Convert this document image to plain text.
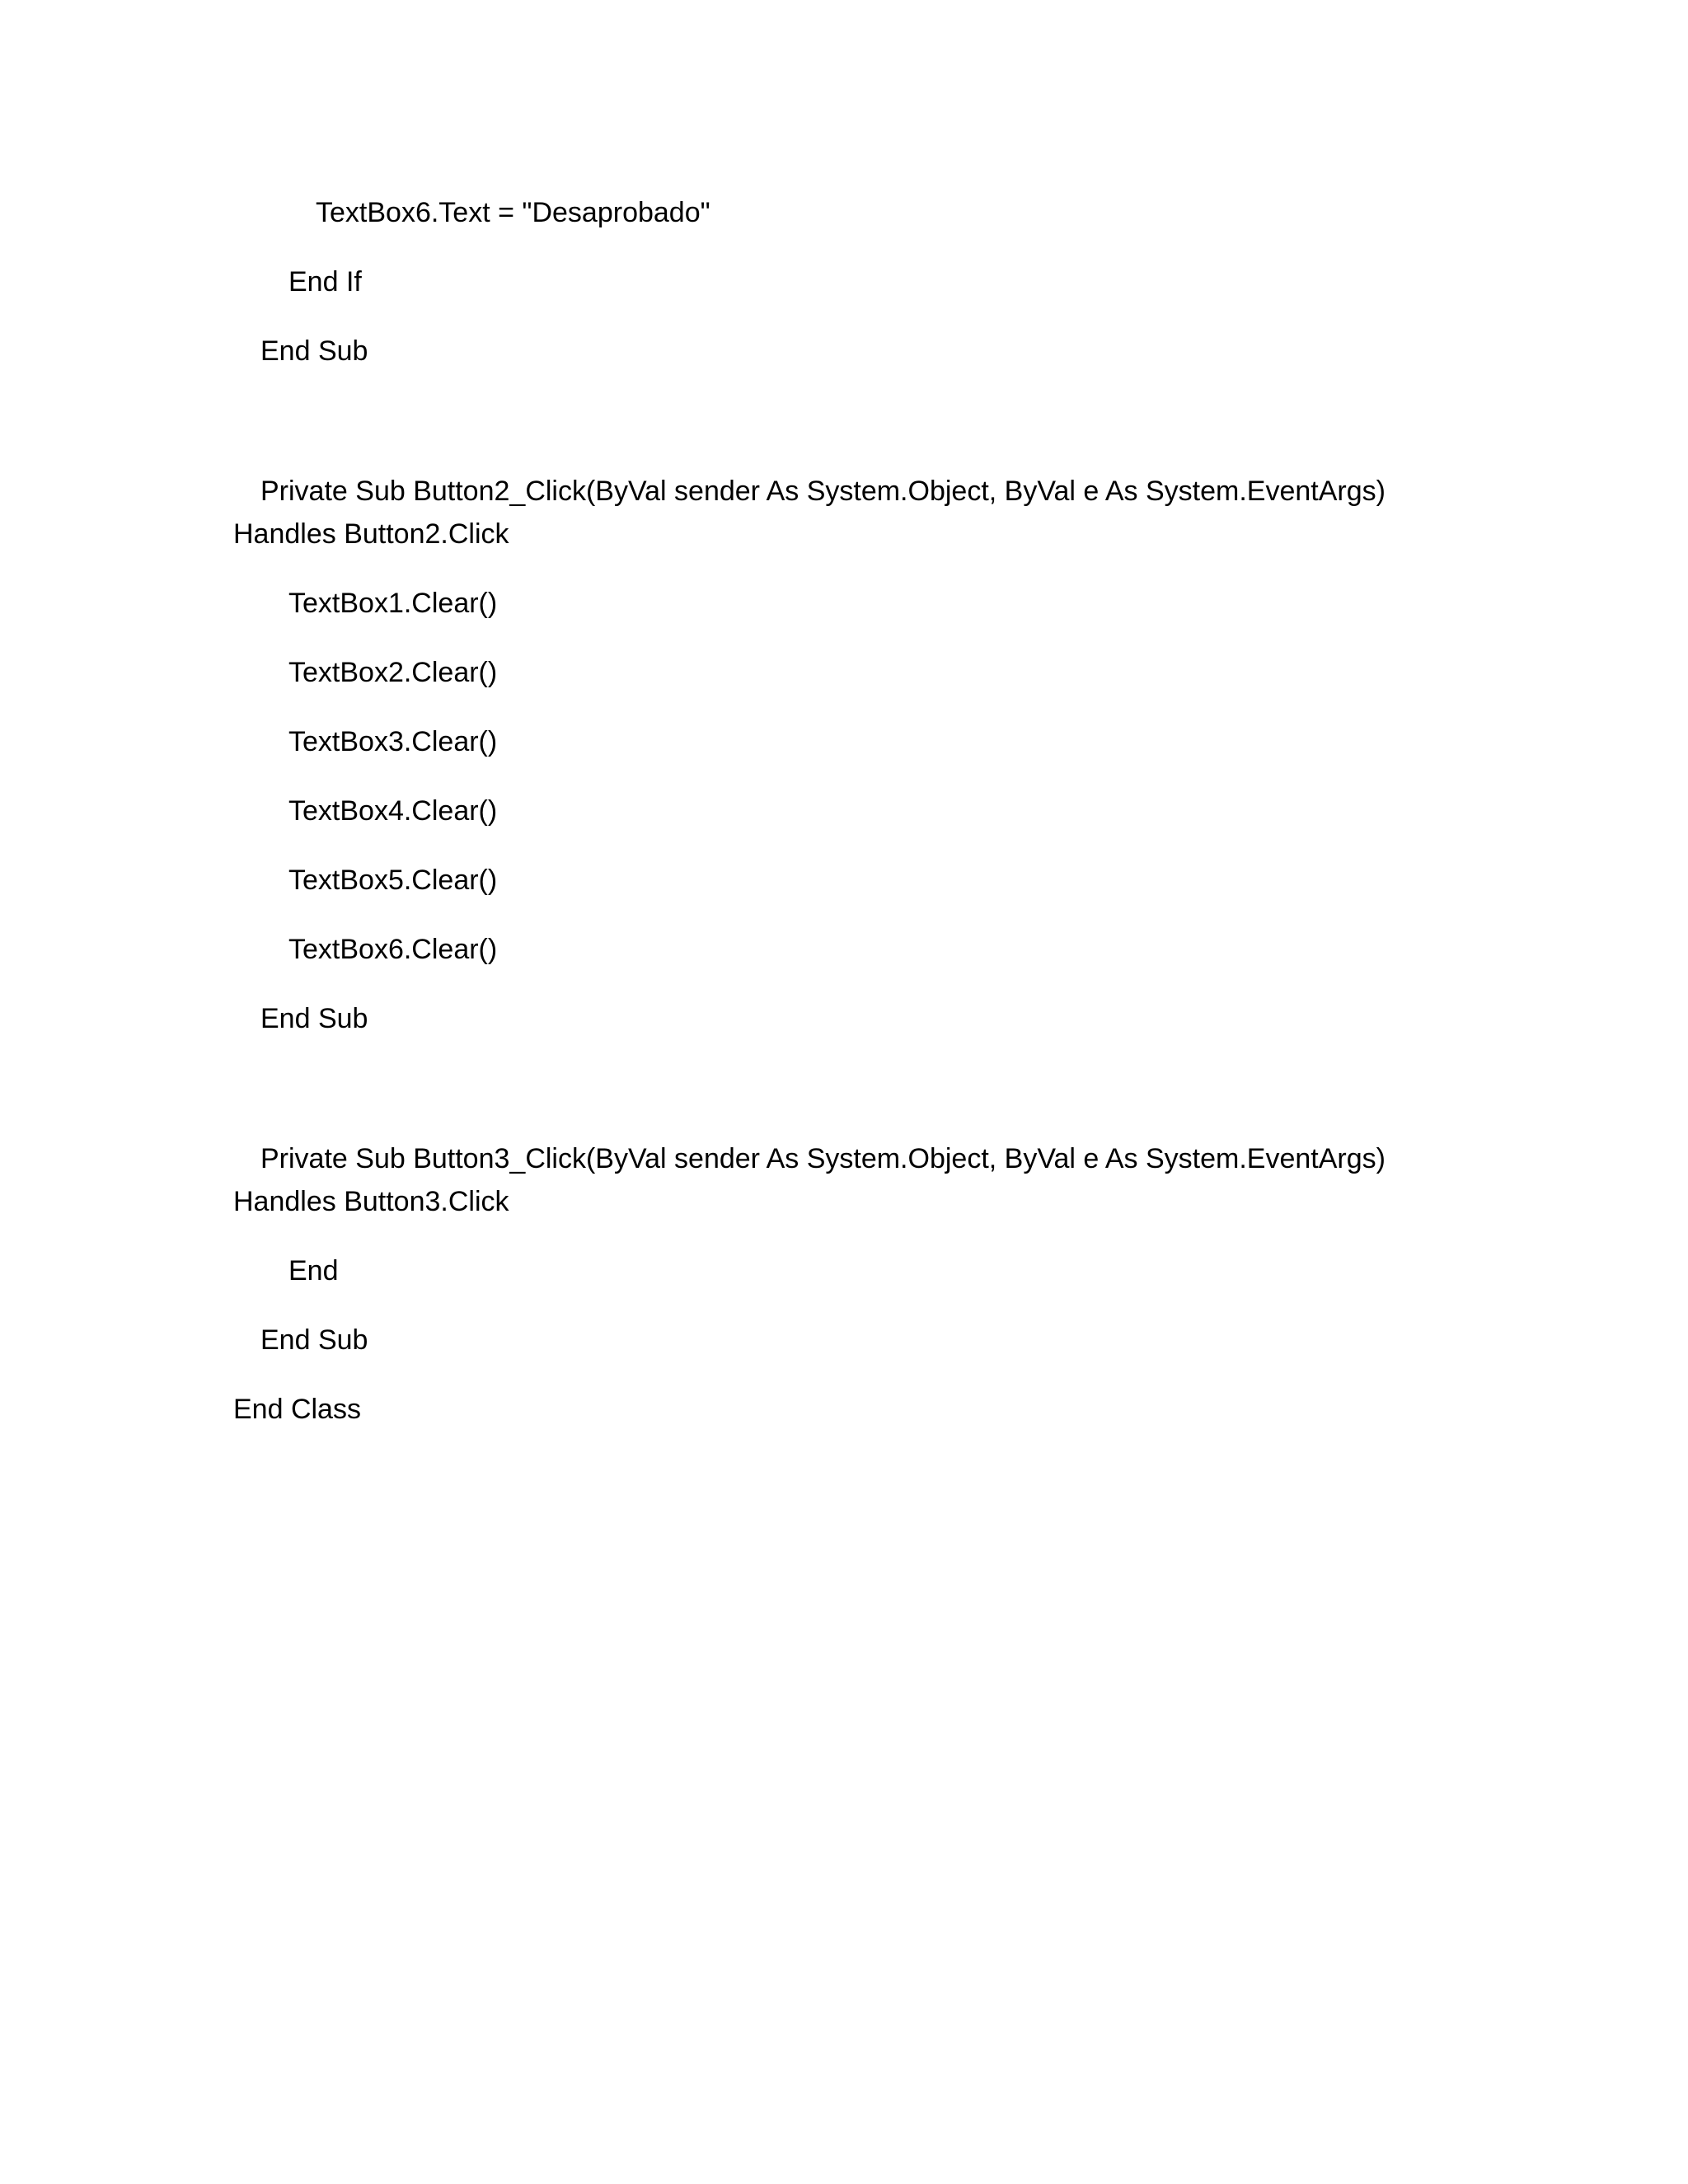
TextBox6.Text = "Desaprobado"
End If
End Sub
Private Sub Button2_Click(ByVal sender As System.Object, ByVal e As System.EventArgs)
Handles Button2.Click
TextBox1.Clear()
TextBox2.Clear()
TextBox3.Clear()
TextBox4.Clear()
TextBox5.Clear()
TextBox6.Clear()
End Sub
Private Sub Button3_Click(ByVal sender As System.Object, ByVal e As System.EventArgs)
Handles Button3.Click
End
End Sub
End Class
